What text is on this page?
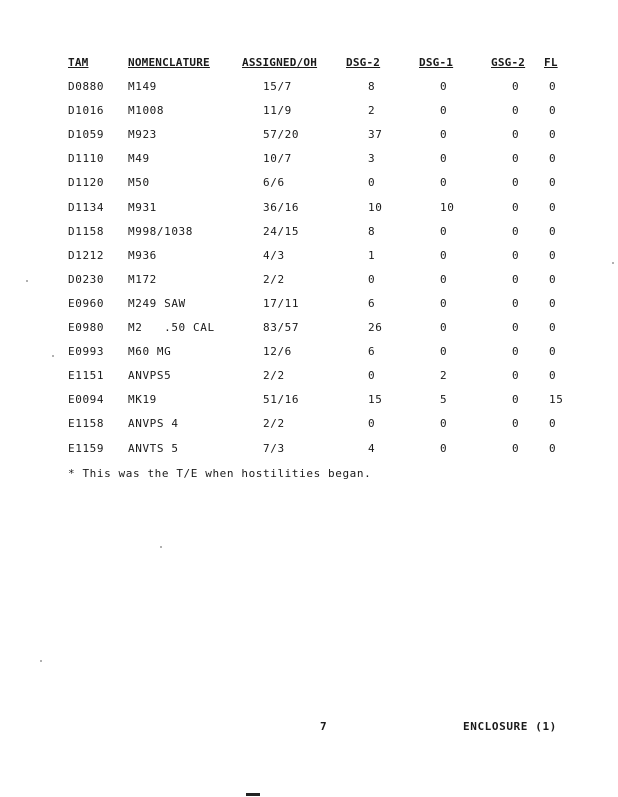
TAM	NOMENCLATURE	ASSIGNED/OH	DSG-2	DSG-1	GSG-2 FL
D0880 M149	15/7	8	0	0	0
D1016 M1008	11/9	2	0	0	0
D1059 M923	57/20	37	0	0	0
D1110 M49	10/7	3	0	0	0
D1120 M50	6/6	0	0	0	0
D1134 M931	36/16	10	10	0	0
D1158 M998/1038	24/15	8	0	0	0
D1212 M936	4/3	1	0	0	0
D0230 M172	2/2	0	0	0	0
E0960 M249 SAW	17/11	6	0	0	0
E0980 M2   .50 CAL	83/57	26	0	0	0
E0993 M60 MG	12/6	6	0	0	0
E1151 ANVPS5	2/2	0	2	0	0
E0094 MK19	51/16	15	5	0	15
E1158 ANVPS 4	2/2	0	0	0	0
E1159 ANVTS 5	7/3	4	0	0	0
* This was the T/E when hostilities began.
7	ENCLOSURE (1)
